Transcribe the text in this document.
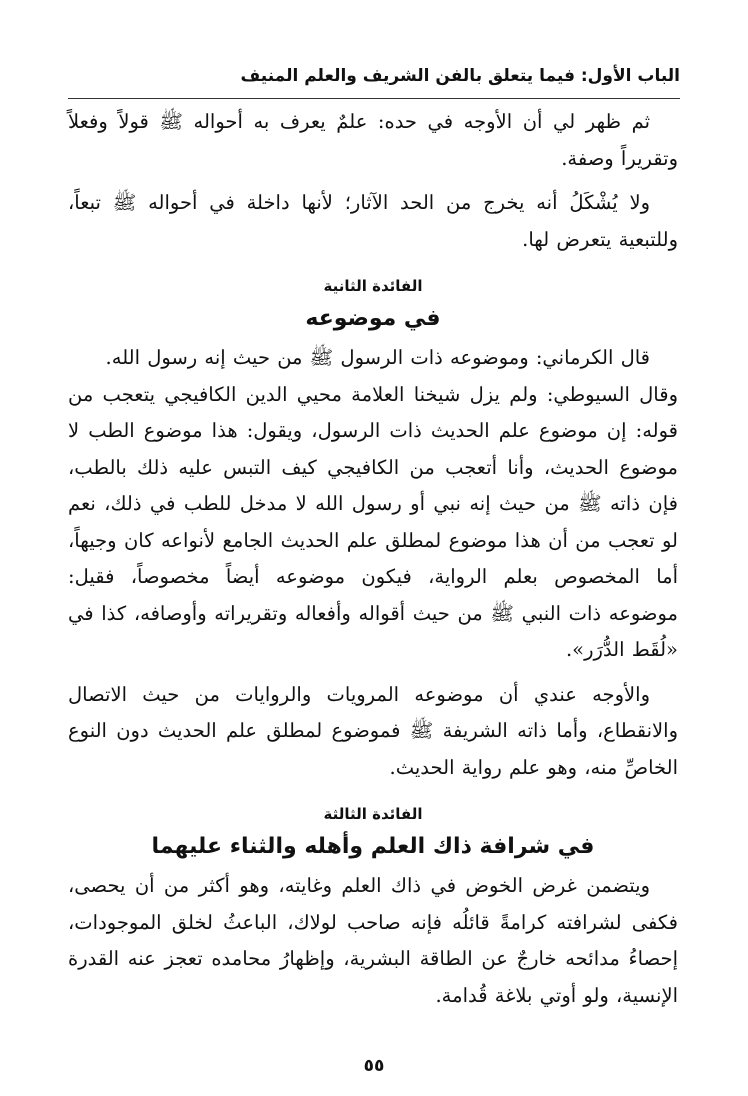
الباب الأول: فيما يتعلق بالفن الشريف والعلم المنيف

ثم ظهر لي أن الأوجه في حده: علمٌ يعرف به أحواله ﷺ قولاً وفعلاً وتقريراً وصفة.

ولا يُشْكَلُ أنه يخرج من الحد الآثار؛ لأنها داخلة في أحواله ﷺ تبعاً، وللتبعية يتعرض لها.

الفائدة الثانية

في موضوعه

قال الكرماني: وموضوعه ذات الرسول ﷺ من حيث إنه رسول الله.

وقال السيوطي: ولم يزل شيخنا العلامة محيي الدين الكافيجي يتعجب من قوله: إن موضوع علم الحديث ذات الرسول، ويقول: هذا موضوع الطب لا موضوع الحديث، وأنا أتعجب من الكافيجي كيف التبس عليه ذلك بالطب، فإن ذاته ﷺ من حيث إنه نبي أو رسول الله لا مدخل للطب في ذلك، نعم لو تعجب من أن هذا موضوع لمطلق علم الحديث الجامع لأنواعه كان وجيهاً، أما المخصوص بعلم الرواية، فيكون موضوعه أيضاً مخصوصاً، فقيل: موضوعه ذات النبي ﷺ من حيث أقواله وأفعاله وتقريراته وأوصافه، كذا في «لُقَط الدُّرَر».

والأوجه عندي أن موضوعه المرويات والروايات من حيث الاتصال والانقطاع، وأما ذاته الشريفة ﷺ فموضوع لمطلق علم الحديث دون النوع الخاصِّ منه، وهو علم رواية الحديث.

الفائدة الثالثة

في شرافة ذاك العلم وأهله والثناء عليهما

ويتضمن غرض الخوض في ذاك العلم وغايته، وهو أكثر من أن يحصى، فكفى لشرافته كرامةً قائلُه فإنه صاحب لولاك، الباعثُ لخلق الموجودات، إحصاءُ مدائحه خارجٌ عن الطاقة البشرية، وإظهارُ محامده تعجز عنه القدرة الإنسية، ولو أوتي بلاغة قُدامة.

٥٥
